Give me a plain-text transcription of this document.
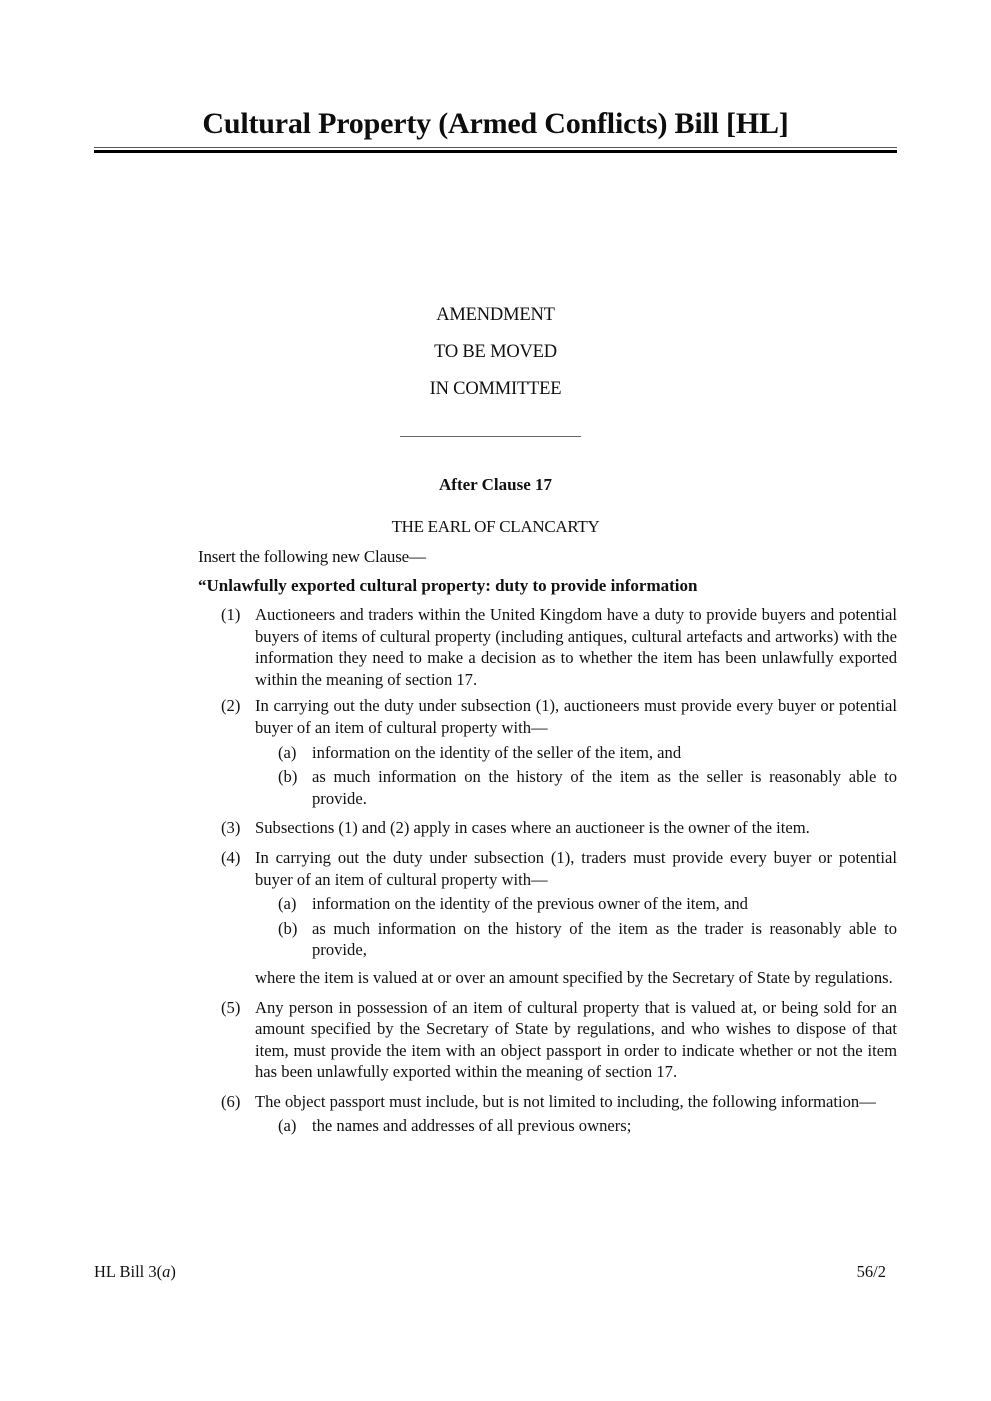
Cultural Property (Armed Conflicts) Bill [HL]
AMENDMENT
TO BE MOVED
IN COMMITTEE
After Clause 17
THE EARL OF CLANCARTY
Insert the following new Clause—
“Unlawfully exported cultural property: duty to provide information
(1) Auctioneers and traders within the United Kingdom have a duty to provide buyers and potential buyers of items of cultural property (including antiques, cultural artefacts and artworks) with the information they need to make a decision as to whether the item has been unlawfully exported within the meaning of section 17.
(2) In carrying out the duty under subsection (1), auctioneers must provide every buyer or potential buyer of an item of cultural property with—
(a) information on the identity of the seller of the item, and
(b) as much information on the history of the item as the seller is reasonably able to provide.
(3) Subsections (1) and (2) apply in cases where an auctioneer is the owner of the item.
(4) In carrying out the duty under subsection (1), traders must provide every buyer or potential buyer of an item of cultural property with—
(a) information on the identity of the previous owner of the item, and
(b) as much information on the history of the item as the trader is reasonably able to provide,
where the item is valued at or over an amount specified by the Secretary of State by regulations.
(5) Any person in possession of an item of cultural property that is valued at, or being sold for an amount specified by the Secretary of State by regulations, and who wishes to dispose of that item, must provide the item with an object passport in order to indicate whether or not the item has been unlawfully exported within the meaning of section 17.
(6) The object passport must include, but is not limited to including, the following information—
(a) the names and addresses of all previous owners;
HL Bill 3(a)	56/2
